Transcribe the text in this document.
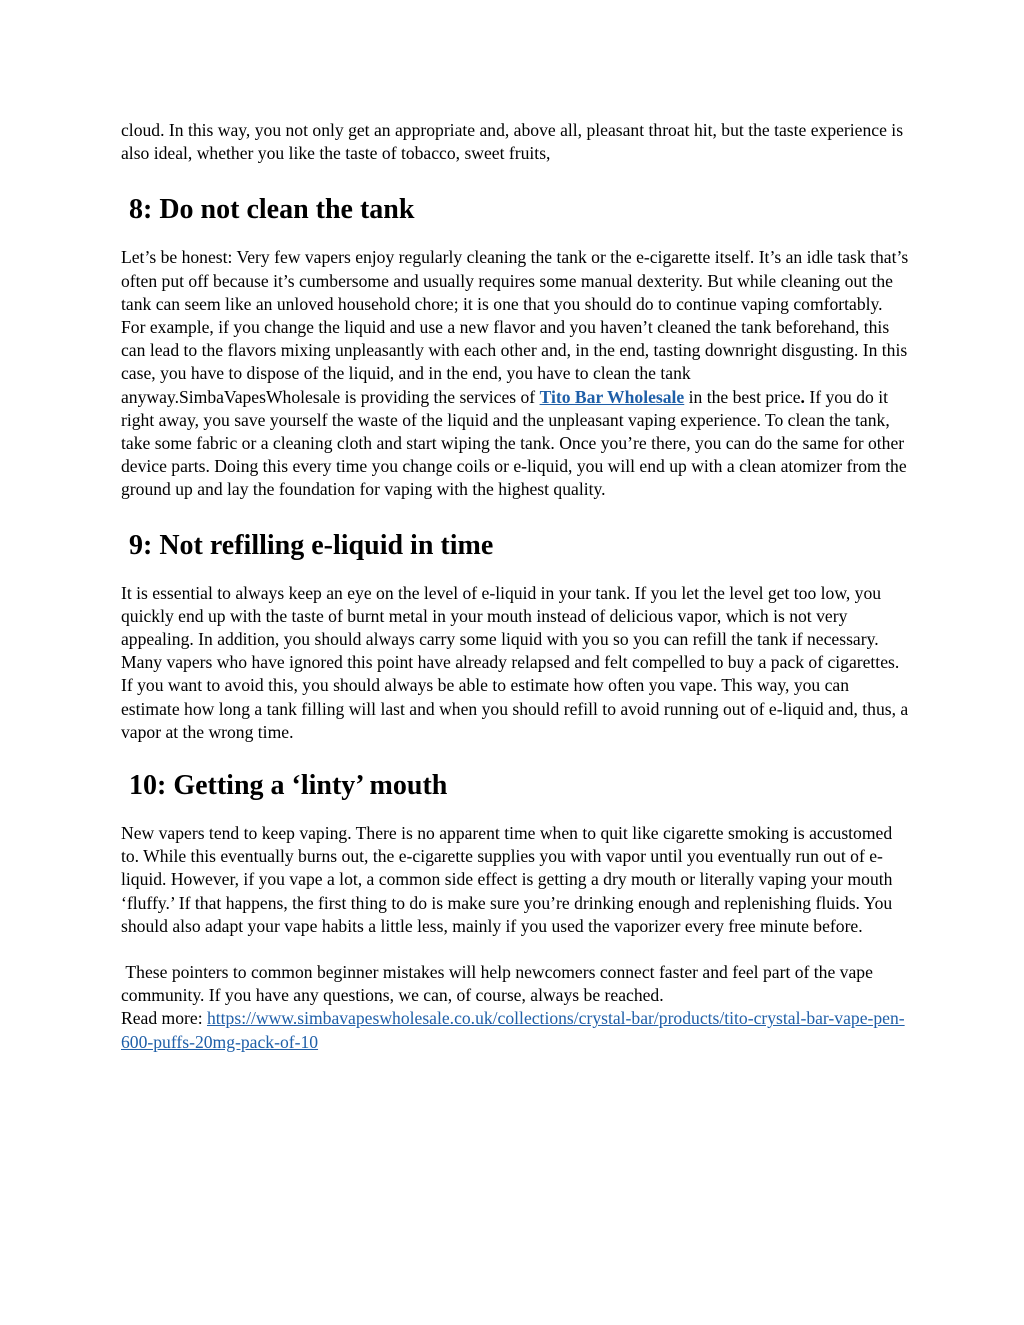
cloud. In this way, you not only get an appropriate and, above all, pleasant throat hit, but the taste experience is also ideal, whether you like the taste of tobacco, sweet fruits,

8: Do not clean the tank

Let’s be honest: Very few vapers enjoy regularly cleaning the tank or the e-cigarette itself. It’s an idle task that’s often put off because it’s cumbersome and usually requires some manual dexterity. But while cleaning out the tank can seem like an unloved household chore; it is one that you should do to continue vaping comfortably. For example, if you change the liquid and use a new flavor and you haven’t cleaned the tank beforehand, this can lead to the flavors mixing unpleasantly with each other and, in the end, tasting downright disgusting. In this case, you have to dispose of the liquid, and in the end, you have to clean the tank anyway.SimbaVapesWholesale is providing the services of Tito Bar Wholesale in the best price. If you do it right away, you save yourself the waste of the liquid and the unpleasant vaping experience. To clean the tank, take some fabric or a cleaning cloth and start wiping the tank. Once you’re there, you can do the same for other device parts. Doing this every time you change coils or e-liquid, you will end up with a clean atomizer from the ground up and lay the foundation for vaping with the highest quality.

9: Not refilling e-liquid in time

It is essential to always keep an eye on the level of e-liquid in your tank. If you let the level get too low, you quickly end up with the taste of burnt metal in your mouth instead of delicious vapor, which is not very appealing. In addition, you should always carry some liquid with you so you can refill the tank if necessary. Many vapers who have ignored this point have already relapsed and felt compelled to buy a pack of cigarettes. If you want to avoid this, you should always be able to estimate how often you vape. This way, you can estimate how long a tank filling will last and when you should refill to avoid running out of e-liquid and, thus, a vapor at the wrong time.

10: Getting a ‘linty’ mouth

New vapers tend to keep vaping. There is no apparent time when to quit like cigarette smoking is accustomed to. While this eventually burns out, the e-cigarette supplies you with vapor until you eventually run out of e-liquid. However, if you vape a lot, a common side effect is getting a dry mouth or literally vaping your mouth ‘fluffy.’ If that happens, the first thing to do is make sure you’re drinking enough and replenishing fluids. You should also adapt your vape habits a little less, mainly if you used the vaporizer every free minute before.

These pointers to common beginner mistakes will help newcomers connect faster and feel part of the vape community. If you have any questions, we can, of course, always be reached.
Read more: https://www.simbavapeswholesale.co.uk/collections/crystal-bar/products/tito-crystal-bar-vape-pen-600-puffs-20mg-pack-of-10
